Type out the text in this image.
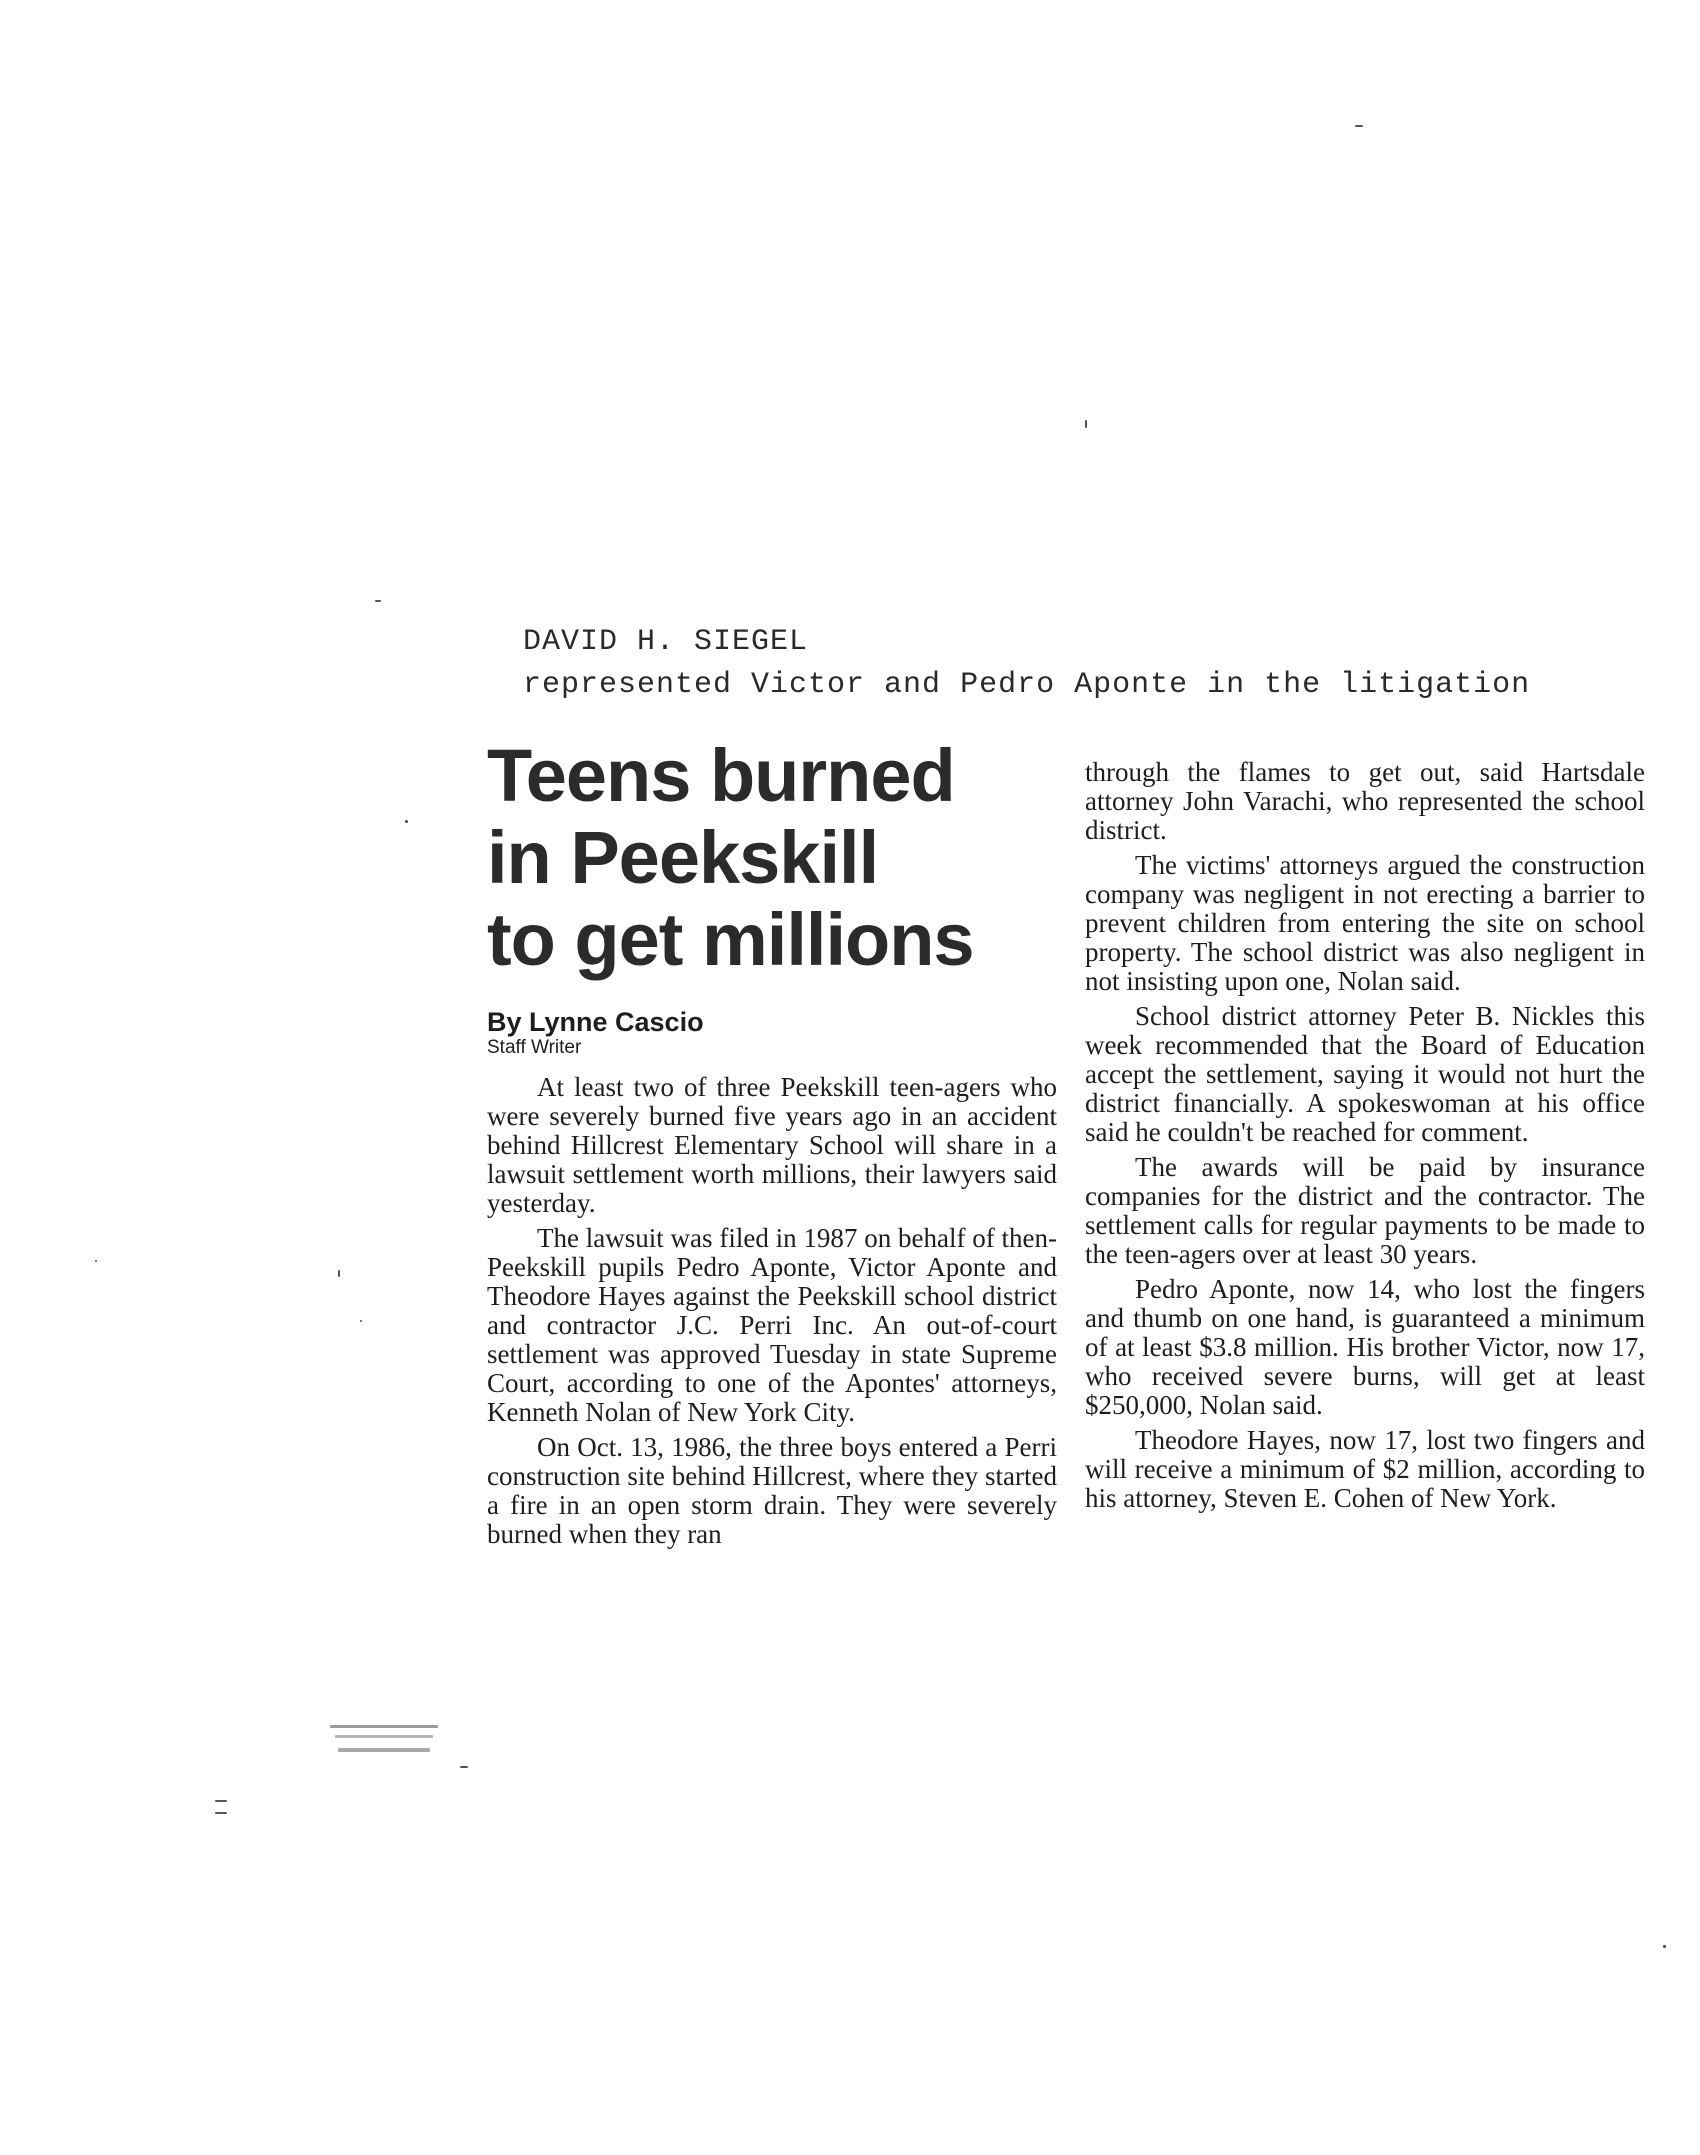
DAVID H. SIEGEL
represented Victor and Pedro Aponte in the litigation
Teens burned
in Peekskill
to get millions
By Lynne Cascio
Staff Writer

At least two of three Peekskill teen-agers who were severely burned five years ago in an accident behind Hillcrest Elementary School will share in a lawsuit settlement worth millions, their lawyers said yesterday.

The lawsuit was filed in 1987 on behalf of then-Peekskill pupils Pedro Aponte, Victor Aponte and Theodore Hayes against the Peekskill school district and contractor J.C. Perri Inc. An out-of-court settlement was approved Tuesday in state Supreme Court, according to one of the Apontes' attorneys, Kenneth Nolan of New York City.

On Oct. 13, 1986, the three boys entered a Perri construction site behind Hillcrest, where they started a fire in an open storm drain. They were severely burned when they ran

through the flames to get out, said Hartsdale attorney John Varachi, who represented the school district.

The victims' attorneys argued the construction company was negligent in not erecting a barrier to prevent children from entering the site on school property. The school district was also negligent in not insisting upon one, Nolan said.

School district attorney Peter B. Nickles this week recommended that the Board of Education accept the settlement, saying it would not hurt the district financially. A spokeswoman at his office said he couldn't be reached for comment.

The awards will be paid by insurance companies for the district and the contractor. The settlement calls for regular payments to be made to the teen-agers over at least 30 years.

Pedro Aponte, now 14, who lost the fingers and thumb on one hand, is guaranteed a minimum of at least $3.8 million. His brother Victor, now 17, who received severe burns, will get at least $250,000, Nolan said.

Theodore Hayes, now 17, lost two fingers and will receive a minimum of $2 million, according to his attorney, Steven E. Cohen of New York.
